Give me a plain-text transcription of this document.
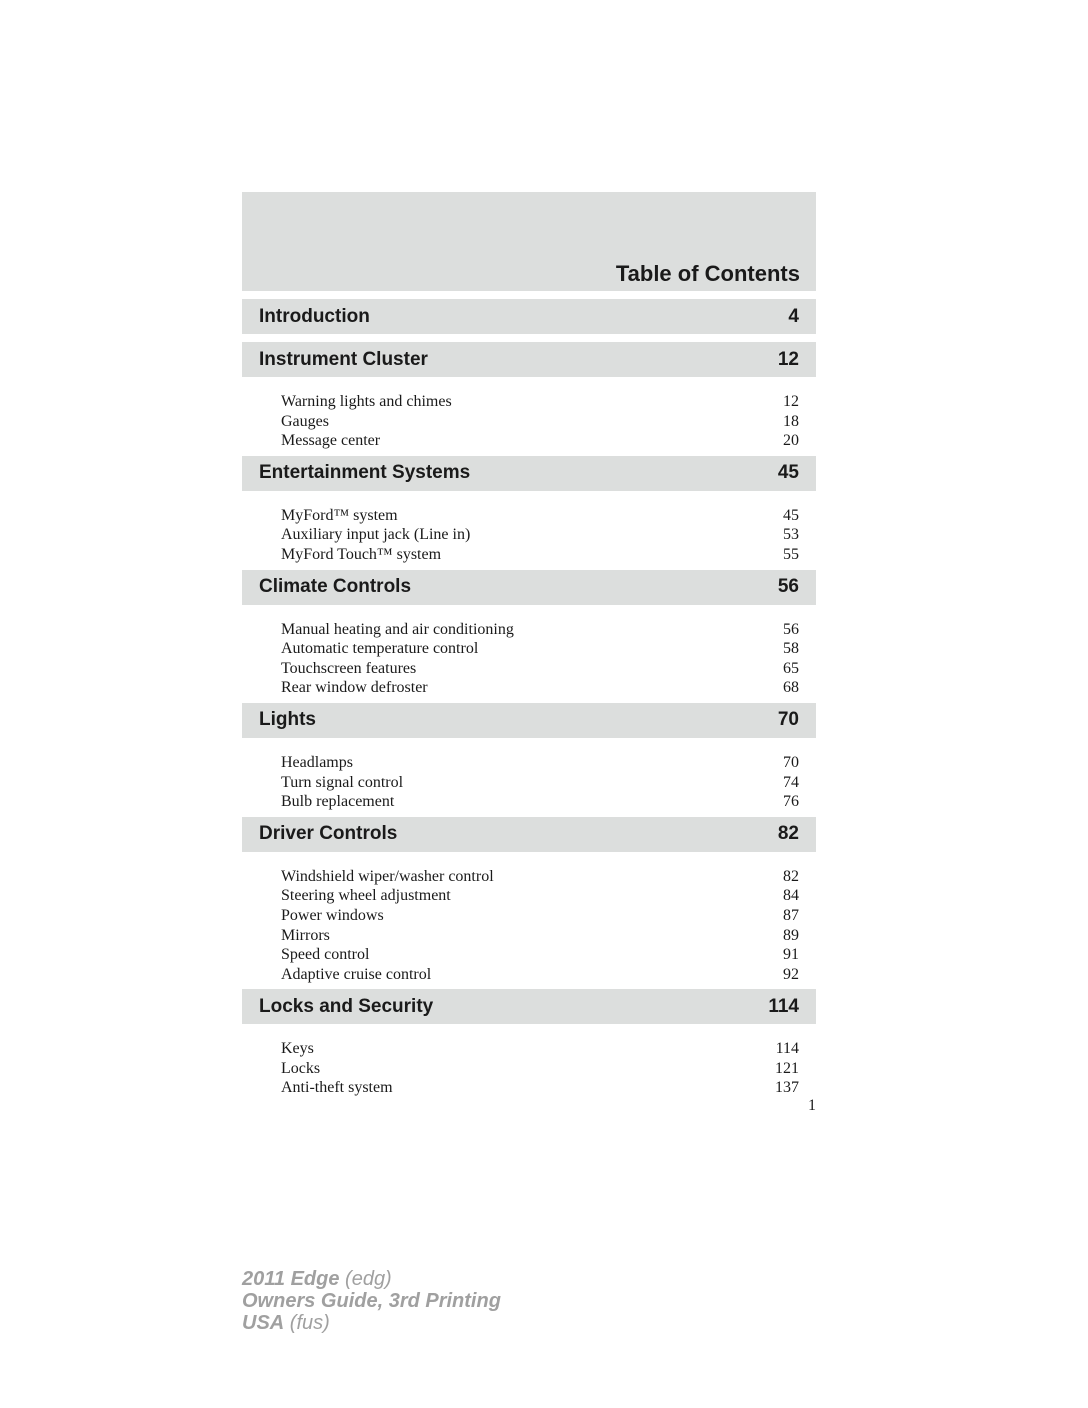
Table of Contents
Introduction	4
Instrument Cluster	12
Warning lights and chimes	12
Gauges	18
Message center	20
Entertainment Systems	45
MyFord™ system	45
Auxiliary input jack (Line in)	53
MyFord Touch™ system	55
Climate Controls	56
Manual heating and air conditioning	56
Automatic temperature control	58
Touchscreen features	65
Rear window defroster	68
Lights	70
Headlamps	70
Turn signal control	74
Bulb replacement	76
Driver Controls	82
Windshield wiper/washer control	82
Steering wheel adjustment	84
Power windows	87
Mirrors	89
Speed control	91
Adaptive cruise control	92
Locks and Security	114
Keys	114
Locks	121
Anti-theft system	137
1
2011 Edge (edg)
Owners Guide, 3rd Printing
USA (fus)
